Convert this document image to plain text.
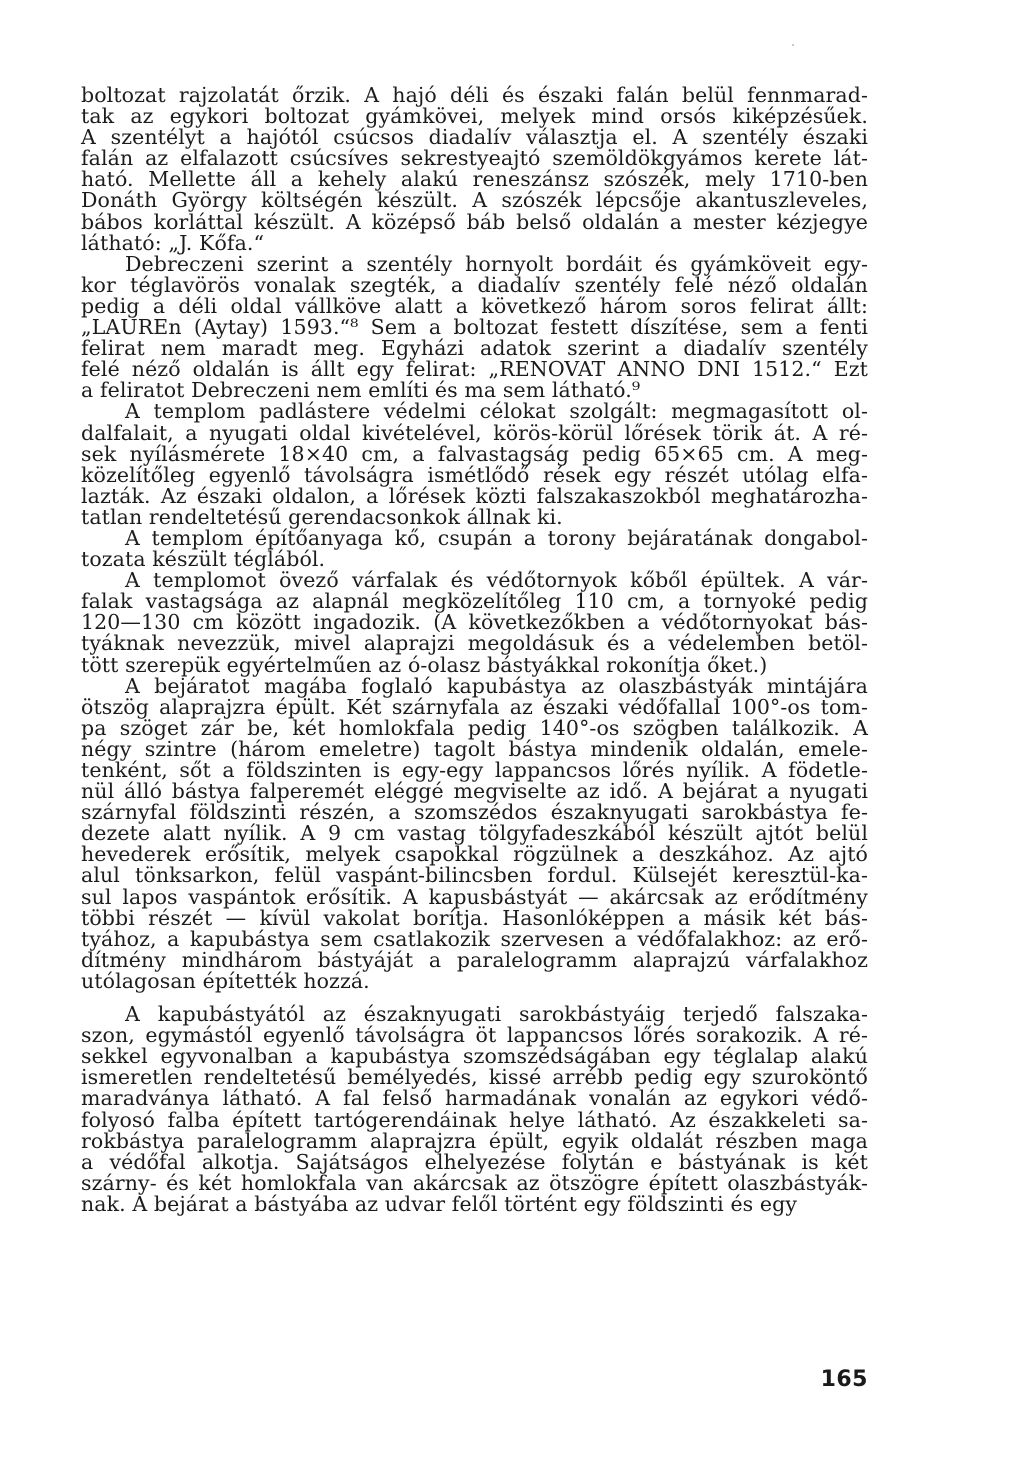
boltozat rajzolatát őrzik. A hajó déli és északi falán belül fennmarad-
tak az egykori boltozat gyámkövei, melyek mind orsós kiképzésűek.
A szentélyt a hajótól csúcsos diadalív választja el. A szentély északi
falán az elfalazott csúcsíves sekrestyeajtó szemöldökgyámos kerete lát-
ható. Mellette áll a kehely alakú reneszánsz szószék, mely 1710-ben
Donáth György költségén készült. A szószék lépcsője akantuszleveles,
bábos korláttal készült. A középső báb belső oldalán a mester kézjegye
látható: „J. Kőfa.“
Debreczeni szerint a szentély hornyolt bordáit és gyámköveit egy-
kor téglavörös vonalak szegték, a diadalív szentély felé néző oldalán
pedig a déli oldal vállköve alatt a következő három soros felirat állt:
„LAUREn (Aytay) 1593.“⁸ Sem a boltozat festett díszítése, sem a fenti
felirat nem maradt meg. Egyházi adatok szerint a diadalív szentély
felé néző oldalán is állt egy felirat: „RENOVAT ANNO DNI 1512.“ Ezt
a feliratot Debreczeni nem említi és ma sem látható.⁹
A templom padlástere védelmi célokat szolgált: megmagasított ol-
dalfalait, a nyugati oldal kivételével, körös-körül lőrések törik át. A ré-
sek nyílásmérete 18×40 cm, a falvastagság pedig 65×65 cm. A meg-
közelítőleg egyenlő távolságra ismétlődő rések egy részét utólag elfa-
lazták. Az északi oldalon, a lőrések közti falszakaszokból meghatározha-
tatlan rendeltetésű gerendacsonkok állnak ki.
A templom építőanyaga kő, csupán a torony bejáratának dongabol-
tozata készült téglából.
A templomot övező várfalak és védőtornyok kőből épültek. A vár-
falak vastagsága az alapnál megközelítőleg 110 cm, a tornyoké pedig
120—130 cm között ingadozik. (A következőkben a védőtornyokat bás-
tyáknak nevezzük, mivel alaprajzi megoldásuk és a védelemben betöl-
tött szerepük egyértelműen az ó-olasz bástyákkal rokonítja őket.)
A bejáratot magába foglaló kapubástya az olaszbástyák mintájára
ötszög alaprajzra épült. Két szárnyfala az északi védőfallal 100°-os tom-
pa szöget zár be, két homlokfala pedig 140°-os szögben találkozik. A
négy szintre (három emeletre) tagolt bástya mindenik oldalán, emele-
tenként, sőt a földszinten is egy-egy lappancsos lőrés nyílik. A födetle-
nül álló bástya falperemét eléggé megviselte az idő. A bejárat a nyugati
szárnyfal földszinti részén, a szomszédos északnyugati sarokbástya fe-
dezete alatt nyílik. A 9 cm vastag tölgyfadeszkából készült ajtót belül
hevederek erősítik, melyek csapokkal rögzülnek a deszkához. Az ajtó
alul tönksarkon, felül vaspánt-bilincsben fordul. Külsejét keresztül-ka-
sul lapos vaspántok erősítik. A kapusbástyát — akárcsak az erődítmény
többi részét — kívül vakolat borítja. Hasonlóképpen a másik két bás-
tyához, a kapubástya sem csatlakozik szervesen a védőfalakhoz: az erő-
dítmény mindhárom bástyáját a paralelogramm alaprajzú várfalakhoz
utólagosan építették hozzá.
A kapubástyától az északnyugati sarokbástyáig terjedő falszaka-
szon, egymástól egyenlő távolságra öt lappancsos lőrés sorakozik. A ré-
sekkel egyvonalban a kapubástya szomszédságában egy téglalap alakú
ismeretlen rendeltetésű bemélyedés, kissé arrébb pedig egy szuroköntő
maradványa látható. A fal felső harmadának vonalán az egykori védő-
folyosó falba épített tartógerendáinak helye látható. Az északkeleti sa-
rokbástya paralelogramm alaprajzra épült, egyik oldalát részben maga
a védőfal alkotja. Sajátságos elhelyezése folytán e bástyának is két
szárny- és két homlokfala van akárcsak az ötszögre épített olaszbástyák-
nak. A bejárat a bástyába az udvar felől történt egy földszinti és egy
165
